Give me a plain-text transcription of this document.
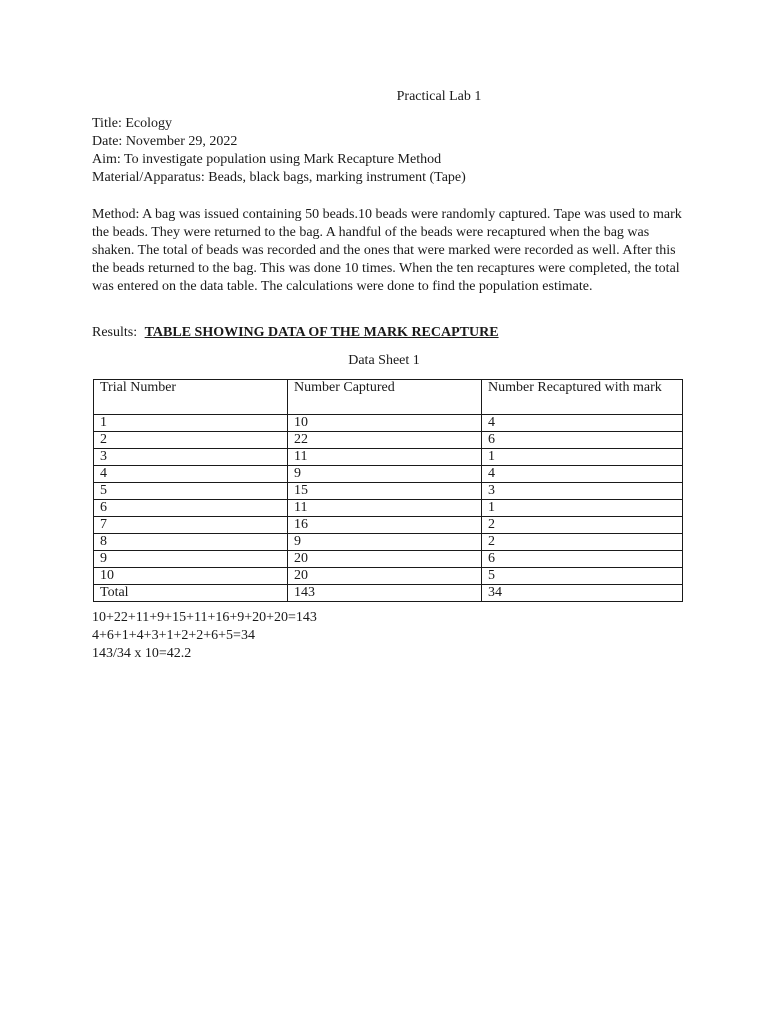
Practical Lab 1
Title: Ecology
Date: November 29, 2022
Aim: To investigate population using Mark Recapture Method
Material/Apparatus: Beads, black bags, marking instrument (Tape)
Method: A bag was issued containing 50 beads.10 beads were randomly captured. Tape was used to mark the beads. They were returned to the bag. A handful of the beads were recaptured when the bag was shaken. The total of beads was recorded and the ones that were marked were recorded as well. After this the beads returned to the bag. This was done 10 times. When the ten recaptures were completed, the total was entered on the data table. The calculations were done to find the population estimate.
Results: TABLE SHOWING DATA OF THE MARK RECAPTURE
Data Sheet 1
Trial Number	Number Captured	Number Recaptured with mark
1	10	4
2	22	6
3	11	1
4	9	4
5	15	3
6	11	1
7	16	2
8	9	2
9	20	6
10	20	5
Total	143	34
10+22+11+9+15+11+16+9+20+20=143
4+6+1+4+3+1+2+2+6+5=34
143/34 x 10=42.2
